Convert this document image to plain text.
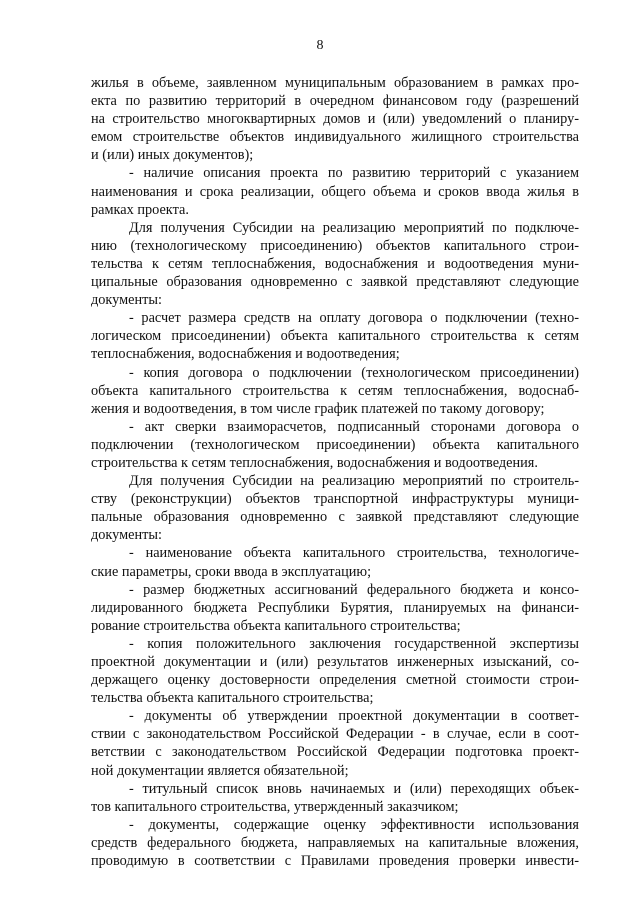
8
жилья в объеме, заявленном муниципальным образованием в рамках про-
екта по развитию территорий в очередном финансовом году (разрешений
на строительство многоквартирных домов и (или) уведомлений о планиру-
емом строительстве объектов индивидуального жилищного строительства
и (или) иных документов);
- наличие описания проекта по развитию территорий с указанием
наименования и срока реализации, общего объема и сроков ввода жилья в
рамках проекта.
Для получения Субсидии на реализацию мероприятий по подключе-
нию (технологическому присоединению) объектов капитального строи-
тельства к сетям теплоснабжения, водоснабжения и водоотведения муни-
ципальные образования одновременно с заявкой представляют следующие
документы:
- расчет размера средств на оплату договора о подключении (техно-
логическом присоединении) объекта капитального строительства к сетям
теплоснабжения, водоснабжения и водоотведения;
- копия договора о подключении (технологическом присоединении)
объекта капитального строительства к сетям теплоснабжения, водоснаб-
жения и водоотведения, в том числе график платежей по такому договору;
- акт сверки взаиморасчетов, подписанный сторонами договора о
подключении (технологическом присоединении) объекта капитального
строительства к сетям теплоснабжения, водоснабжения и водоотведения.
Для получения Субсидии на реализацию мероприятий по строитель-
ству (реконструкции) объектов транспортной инфраструктуры муници-
пальные образования одновременно с заявкой представляют следующие
документы:
- наименование объекта капитального строительства, технологиче-
ские параметры, сроки ввода в эксплуатацию;
- размер бюджетных ассигнований федерального бюджета и консо-
лидированного бюджета Республики Бурятия, планируемых на финанси-
рование строительства объекта капитального строительства;
- копия положительного заключения государственной экспертизы
проектной документации и (или) результатов инженерных изысканий, со-
держащего оценку достоверности определения сметной стоимости строи-
тельства объекта капитального строительства;
- документы об утверждении проектной документации в соответ-
ствии с законодательством Российской Федерации - в случае, если в соот-
ветствии с законодательством Российской Федерации подготовка проект-
ной документации является обязательной;
- титульный список вновь начинаемых и (или) переходящих объек-
тов капитального строительства, утвержденный заказчиком;
- документы, содержащие оценку эффективности использования
средств федерального бюджета, направляемых на капитальные вложения,
проводимую в соответствии с Правилами проведения проверки инвести-
